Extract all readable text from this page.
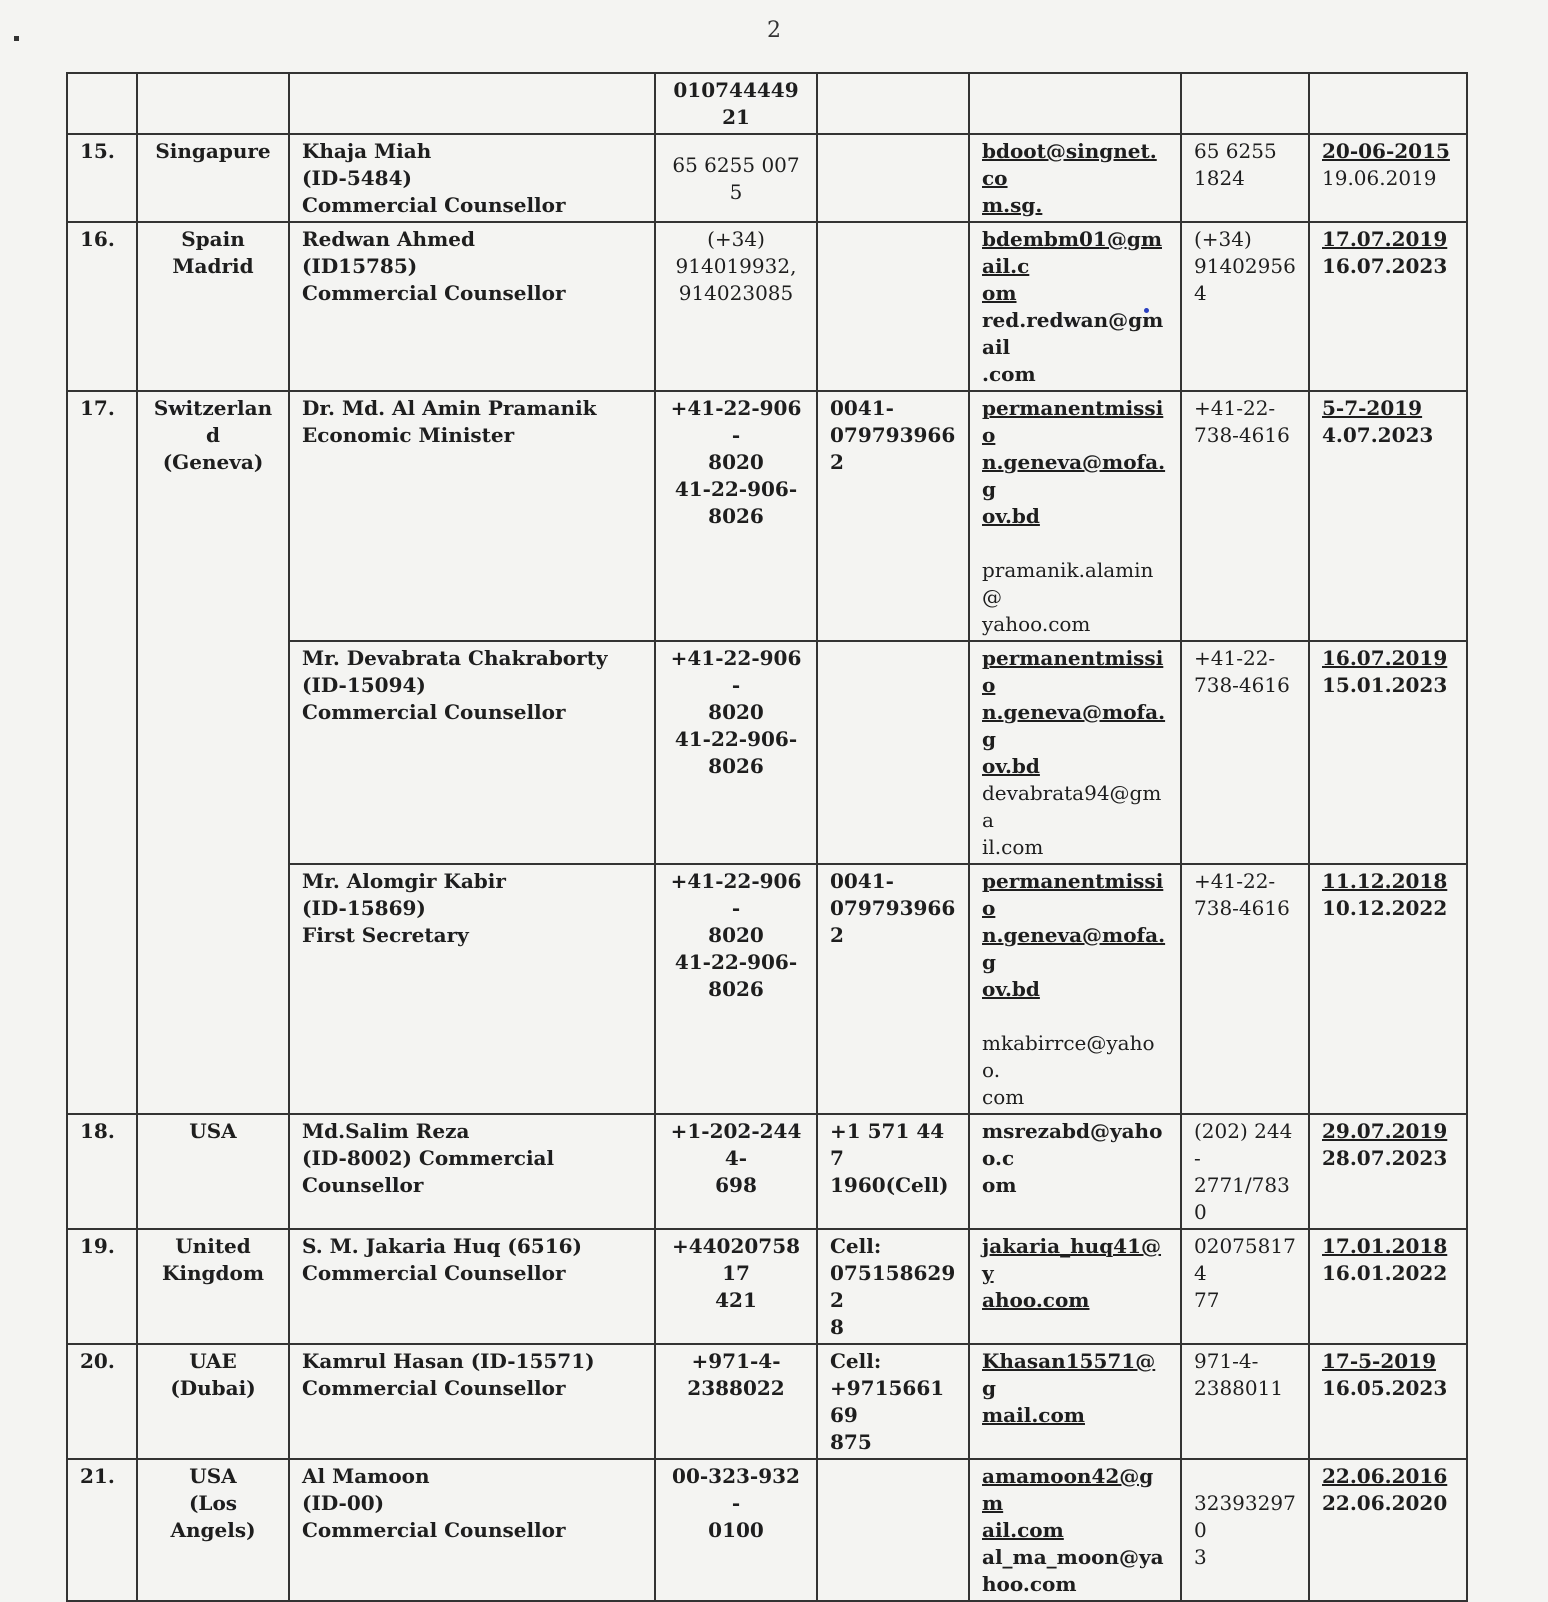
2

			01074444921				

15.	Singapure	Khaja Miah
(ID-5484)
Commercial Counsellor	65 6255 0075		bdoot@singnet.co
m.sg.	65 6255
1824	20-06-2015
19.06.2019

16.	Spain
Madrid	Redwan Ahmed
(ID15785)
Commercial Counsellor	(+34)
914019932,
914023085		bdembm01@gmail.c
om
red.redwan@gmail
.com	(+34)
914029564	17.07.2019
16.07.2023

17.	Switzerland
(Geneva)	Dr. Md. Al Amin Pramanik
Economic Minister	+41-22-906-
8020
41-22-906-
8026	0041-
0797939662	permanentmissio
n.geneva@mofa.g
ov.bd
pramanik.alamin@
yahoo.com	+41-22-
738-4616	5-7-2019
4.07.2023

		Mr. Devabrata Chakraborty
(ID-15094)
Commercial Counsellor	+41-22-906-
8020
41-22-906-
8026		permanentmissio
n.geneva@mofa.g
ov.bd
devabrata94@gma
il.com	+41-22-
738-4616	16.07.2019
15.01.2023

		Mr. Alomgir Kabir
(ID-15869)
First Secretary	+41-22-906-
8020
41-22-906-
8026	0041-
0797939662	permanentmissio
n.geneva@mofa.g
ov.bd
mkabirrce@yahoo.
com	+41-22-
738-4616	11.12.2018
10.12.2022

18.	USA	Md.Salim Reza
(ID-8002) Commercial
Counsellor	+1-202-2444-
698	+1 571 447
1960(Cell)	msrezabd@yahoo.c
om	(202) 244-
2771/7830	29.07.2019
28.07.2023

19.	United
Kingdom	S. M. Jakaria Huq (6516)
Commercial Counsellor	+4402075817
421	Cell:
0751586292
8	jakaria_huq41@y
ahoo.com	020758174
77	17.01.2018
16.01.2022

20.	UAE
(Dubai)	Kamrul Hasan (ID-15571)
Commercial Counsellor	+971-4-
2388022	Cell:
+971566169
875	Khasan15571@g
mail.com	971-4-
2388011	17-5-2019
16.05.2023

21.	USA
(Los
Angels)	Al Mamoon
(ID-00)
Commercial Counsellor	00-323-932-
0100		amamoon42@gm
ail.com
al_ma_moon@ya
hoo.com	323932970
3	22.06.2016
22.06.2020
